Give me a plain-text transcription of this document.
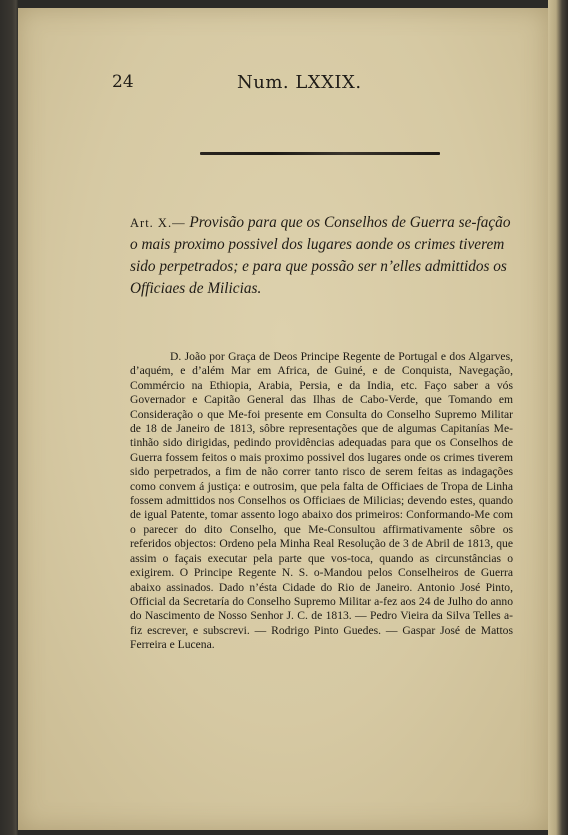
24	Num. LXXIX.
Art. X.— Provisão para que os Conselhos de Guerra se-fação o mais proximo possivel dos lugares aonde os crimes tiverem sido perpetrados; e para que possão ser n’elles admittidos os Officiaes de Milicias.

D. João por Graça de Deos Principe Regente de Portugal e dos Algarves, d’aquém, e d’além Mar em Africa, de Guiné, e de Conquista, Navegação, Commércio na Ethiopia, Arabia, Persia, e da India, etc. Faço saber a vós Governador e Capitão General das Ilhas de Cabo-Verde, que Tomando em Consideração o que Me-foi presente em Consulta do Conselho Supremo Militar de 18 de Janeiro de 1813, sôbre representações que de algumas Capitanías Me-tinhão sido dirigidas, pedindo providências adequadas para que os Conselhos de Guerra fossem feitos o mais proximo possivel dos lugares onde os crimes tiverem sido perpetrados, a fim de não correr tanto risco de serem feitas as indagações como convem á justiça: e outrosim, que pela falta de Officiaes de Tropa de Linha fossem admittidos nos Conselhos os Officiaes de Milicias; devendo estes, quando de igual Patente, tomar assento logo abaixo dos primeiros: Conformando-Me com o parecer do dito Conselho, que Me-Consultou affirmativamente sôbre os referidos objectos: Ordeno pela Minha Real Resolução de 3 de Abril de 1813, que assim o façais executar pela parte que vos-toca, quando as circunstâncias o exigirem. O Principe Regente N. S. o-Mandou pelos Conselheiros de Guerra abaixo assinados. Dado n’ésta Cidade do Rio de Janeiro. Antonio José Pinto, Official da Secretaría do Conselho Supremo Militar a-fez aos 24 de Julho do anno do Nascimento de Nosso Senhor J. C. de 1813. — Pedro Vieira da Silva Telles a-fiz escrever, e subscrevi. — Rodrigo Pinto Guedes. — Gaspar José de Mattos Ferreira e Lucena.
